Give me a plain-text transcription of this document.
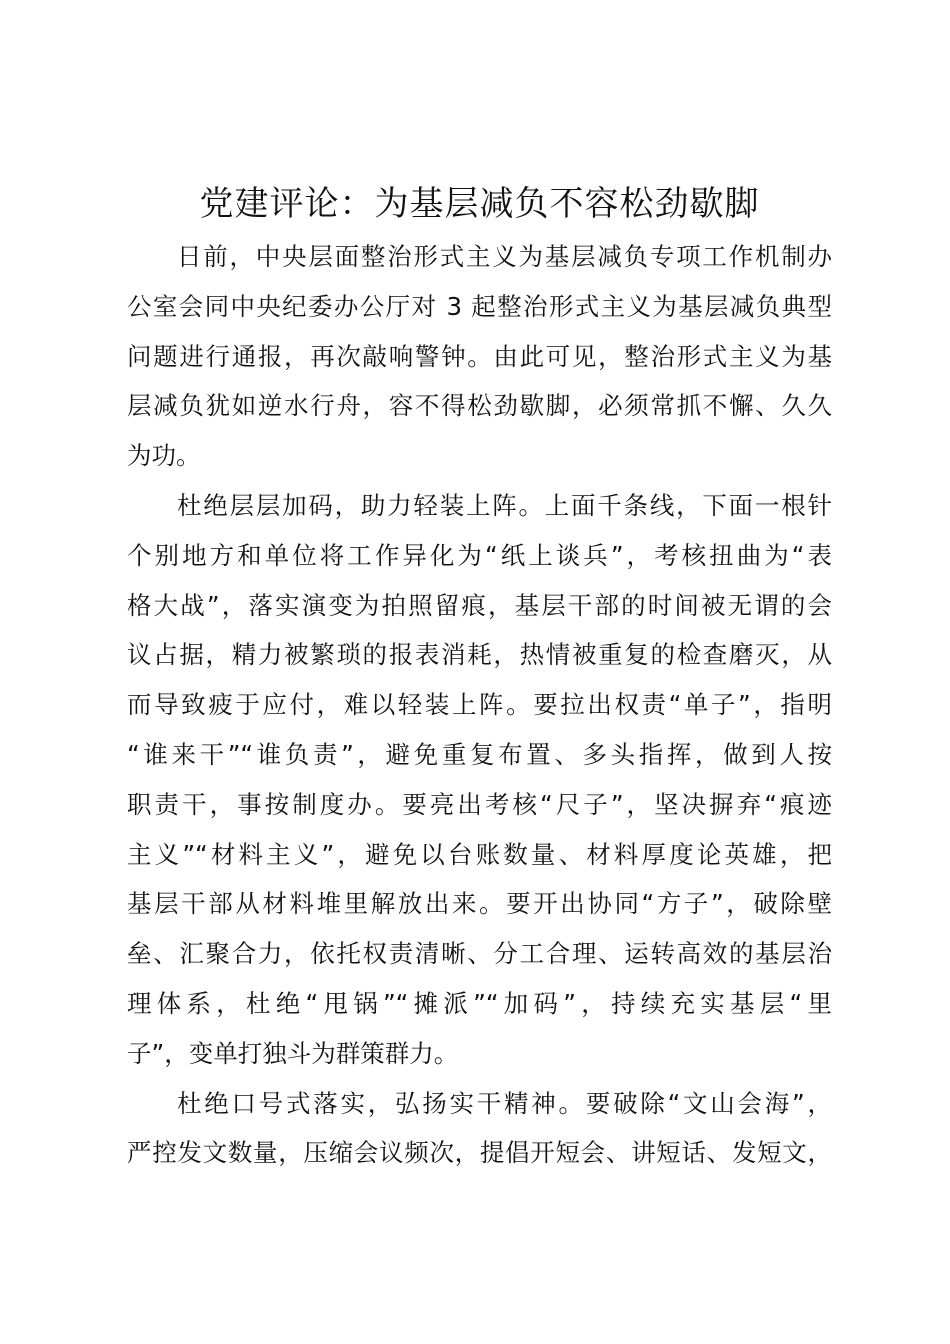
党建评论：为基层减负不容松劲歇脚
日前，中央层面整治形式主义为基层减负专项工作机制办
公室会同中央纪委办公厅对 3 起整治形式主义为基层减负典型
问题进行通报，再次敲响警钟。由此可见，整治形式主义为基
层减负犹如逆水行舟，容不得松劲歇脚，必须常抓不懈、久久
为功。
杜绝层层加码，助力轻装上阵。上面千条线，下面一根针
个别地方和单位将工作异化为“纸上谈兵”，考核扭曲为“表
格大战”，落实演变为拍照留痕，基层干部的时间被无谓的会
议占据，精力被繁琐的报表消耗，热情被重复的检查磨灭，从
而导致疲于应付，难以轻装上阵。要拉出权责“单子”，指明
“谁来干”“谁负责”，避免重复布置、多头指挥，做到人按
职责干，事按制度办。要亮出考核“尺子”，坚决摒弃“痕迹
主义”“材料主义”，避免以台账数量、材料厚度论英雄，把
基层干部从材料堆里解放出来。要开出协同“方子”，破除壁
垒、汇聚合力，依托权责清晰、分工合理、运转高效的基层治
理体系，杜绝“甩锅”“摊派”“加码”，持续充实基层“里
子”，变单打独斗为群策群力。
杜绝口号式落实，弘扬实干精神。要破除“文山会海”，
严控发文数量，压缩会议频次，提倡开短会、讲短话、发短文，
